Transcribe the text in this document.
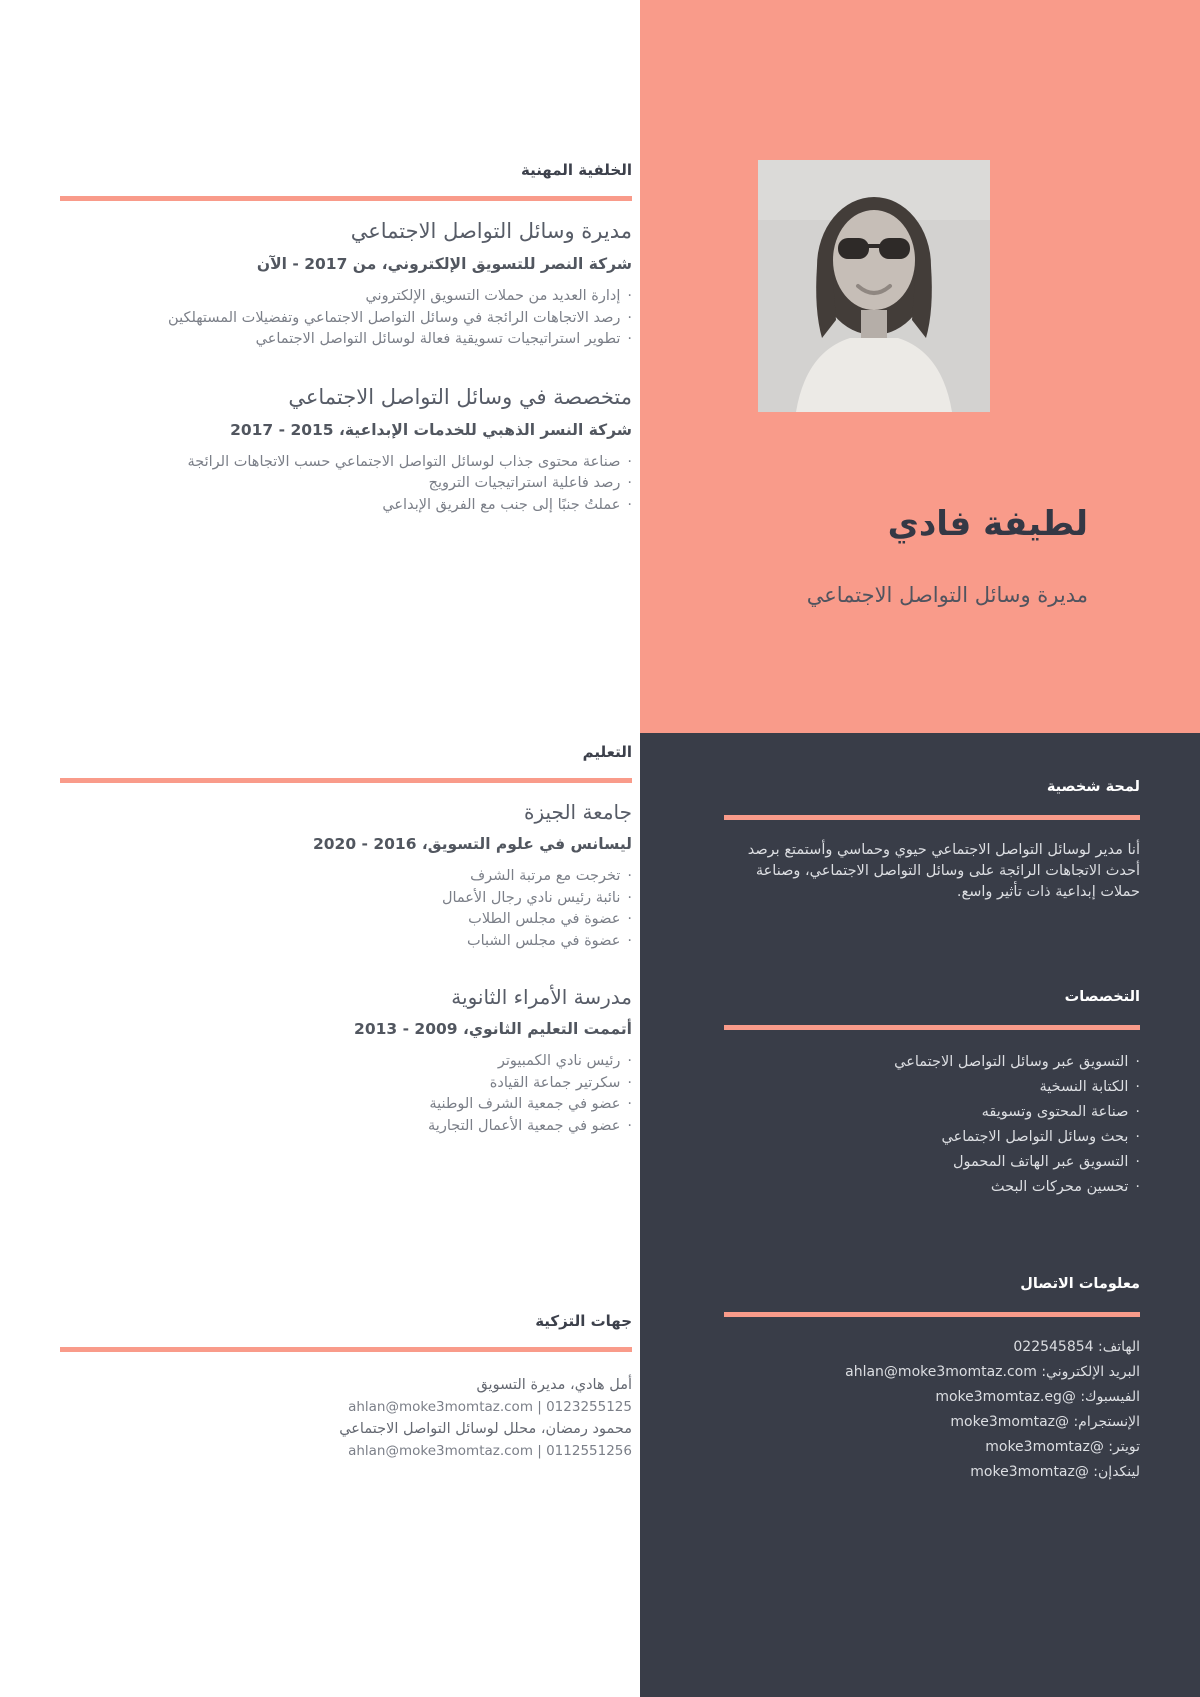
الخلفية المهنية
مديرة وسائل التواصل الاجتماعي
شركة النصر للتسويق الإلكتروني، من 2017 - الآن
· إدارة العديد من حملات التسويق الإلكتروني
· رصد الاتجاهات الرائجة في وسائل التواصل الاجتماعي وتفضيلات المستهلكين
· تطوير استراتيجيات تسويقية فعالة لوسائل التواصل الاجتماعي
متخصصة في وسائل التواصل الاجتماعي
شركة النسر الذهبي للخدمات الإبداعية، 2015 - 2017
· صناعة محتوى جذاب لوسائل التواصل الاجتماعي حسب الاتجاهات الرائجة
· رصد فاعلية استراتيجيات الترويج
· عملتُ جنبًا إلى جنب مع الفريق الإبداعي
التعليم
جامعة الجيزة
ليسانس في علوم التسويق، 2016 - 2020
· تخرجت مع مرتبة الشرف
· نائبة رئيس نادي رجال الأعمال
· عضوة في مجلس الطلاب
· عضوة في مجلس الشباب
مدرسة الأمراء الثانوية
أتممت التعليم الثانوي، 2009 - 2013
· رئيس نادي الكمبيوتر
· سكرتير جماعة القيادة
· عضو في جمعية الشرف الوطنية
· عضو في جمعية الأعمال التجارية
جهات التزكية
أمل هادي، مديرة التسويق
ahlan@moke3momtaz.com | 0123255125
محمود رمضان، محلل لوسائل التواصل الاجتماعي
ahlan@moke3momtaz.com | 0112551256
لطيفة فادي
مديرة وسائل التواصل الاجتماعي
لمحة شخصية

أنا مدير لوسائل التواصل الاجتماعي حيوي وحماسي وأستمتع برصد أحدث الاتجاهات الرائجة على وسائل التواصل الاجتماعي، وصناعة حملات إبداعية ذات تأثير واسع.

التخصصات
· التسويق عبر وسائل التواصل الاجتماعي
· الكتابة النسخية
· صناعة المحتوى وتسويقه
· بحث وسائل التواصل الاجتماعي
· التسويق عبر الهاتف المحمول
· تحسين محركات البحث
معلومات الاتصال
الهاتف: 022545854
البريد الإلكتروني: ahlan@moke3momtaz.com
الفيسبوك: @moke3momtaz.eg
الإنستجرام: @moke3momtaz
تويتر: @moke3momtaz
لينكدإن: @moke3momtaz
